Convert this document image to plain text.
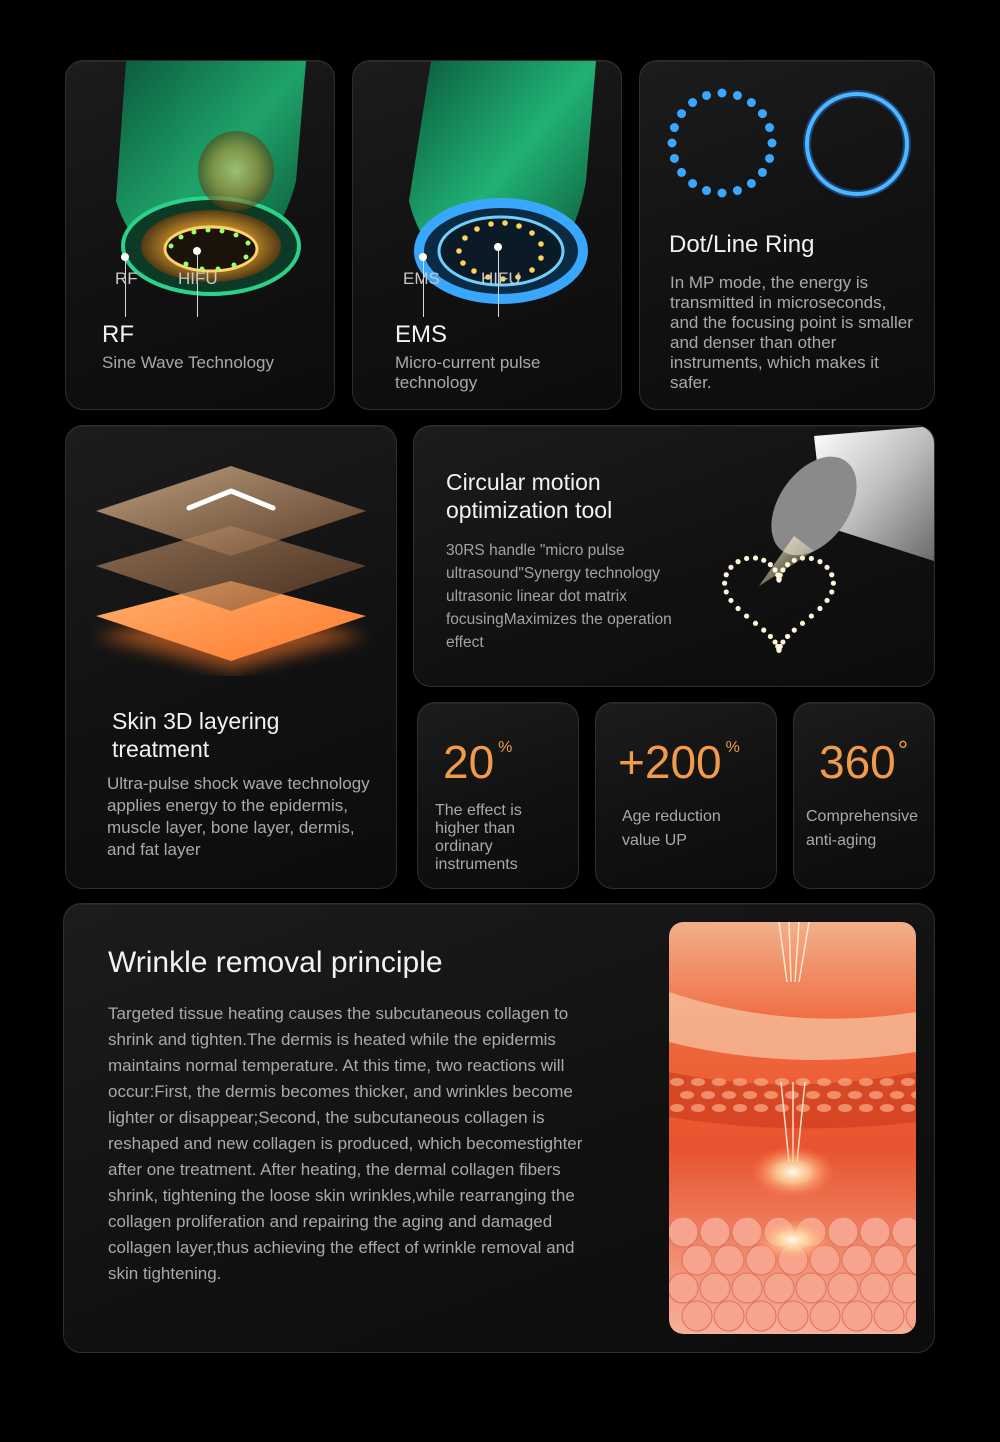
RF HIFU
RF
Sine Wave Technology
EMS HIFU
EMS
Micro-current pulse technology
Dot/Line Ring
In MP mode, the energy is transmitted in microseconds, and the focusing point is smaller and denser than other instruments, which makes it safer.
Skin 3D layering treatment
Ultra-pulse shock wave technology applies energy to the epidermis, muscle layer, bone layer, dermis, and fat layer
Circular motion optimization tool
30RS handle "micro pulse ultrasound"Synergy technology ultrasonic linear dot matrix focusingMaximizes the operation effect
20 %
The effect is higher than ordinary instruments
+200 %
Age reduction value UP
360°
Comprehensive anti-aging
Wrinkle removal principle
Targeted tissue heating causes the subcutaneous collagen to shrink and tighten.The dermis is heated while the epidermis maintains normal temperature. At this time, two reactions will occur:First, the dermis becomes thicker, and wrinkles become lighter or disappear;Second, the subcutaneous collagen is reshaped and new collagen is produced, which becomestighter after one treatment. After heating, the dermal collagen fibers shrink, tightening the loose skin wrinkles,while rearranging the collagen proliferation and repairing the aging and damaged collagen layer,thus achieving the effect of wrinkle removal and skin tightening.
